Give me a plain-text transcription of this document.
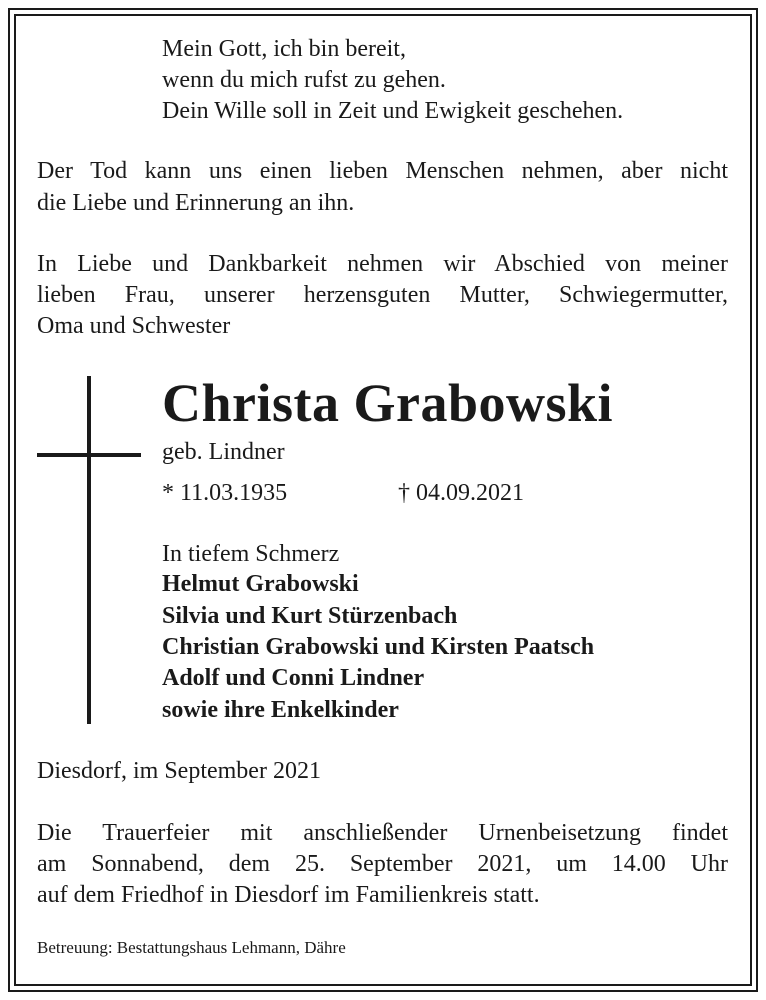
Mein Gott, ich bin bereit,
wenn du mich rufst zu gehen.
Dein Wille soll in Zeit und Ewigkeit geschehen.
Der Tod kann uns einen lieben Menschen nehmen, aber nicht
die Liebe und Erinnerung an ihn.
In Liebe und Dankbarkeit nehmen wir Abschied von meiner
lieben Frau, unserer herzensguten Mutter, Schwiegermutter,
Oma und Schwester
Christa Grabowski
geb. Lindner
* 11.03.1935	† 04.09.2021
In tiefem Schmerz
Helmut Grabowski
Silvia und Kurt Stürzenbach
Christian Grabowski und Kirsten Paatsch
Adolf und Conni Lindner
sowie ihre Enkelkinder
Diesdorf, im September 2021
Die Trauerfeier mit anschließender Urnenbeisetzung findet
am Sonnabend, dem 25. September 2021, um 14.00 Uhr
auf dem Friedhof in Diesdorf im Familienkreis statt.
Betreuung: Bestattungshaus Lehmann, Dähre
